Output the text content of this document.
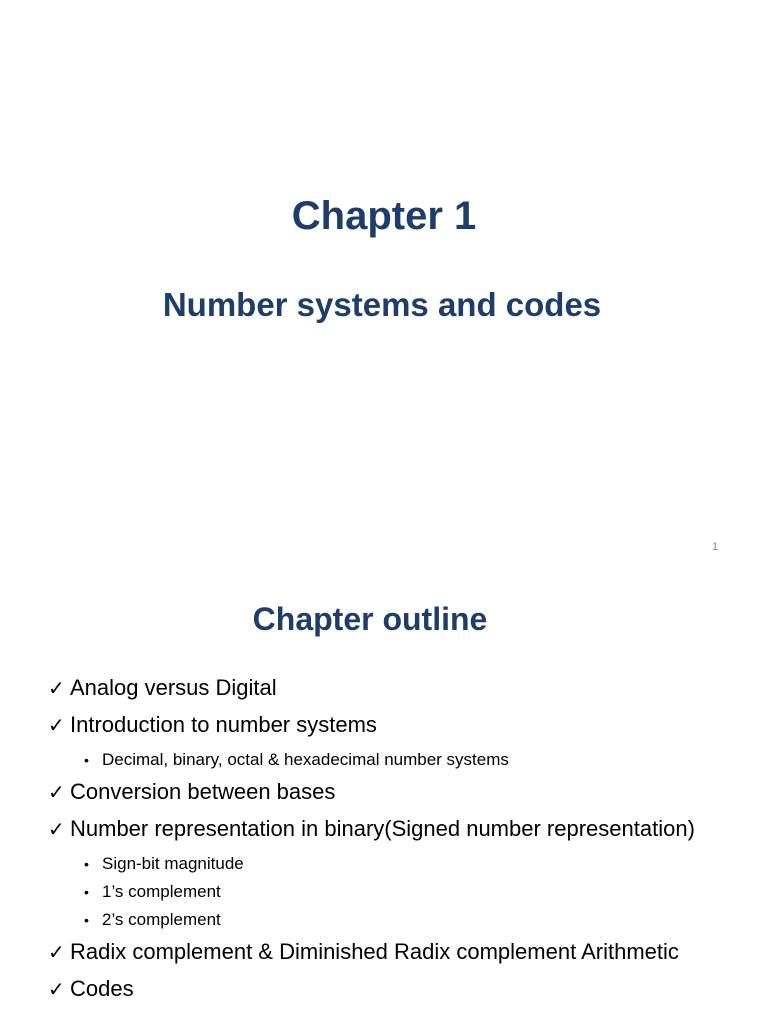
Chapter 1
Number systems and codes
1
Chapter outline
✓ Analog versus Digital
✓ Introduction to number systems
• Decimal, binary, octal & hexadecimal number systems
✓ Conversion between bases
✓ Number representation in binary(Signed number representation)
• Sign-bit magnitude
• 1’s complement
• 2’s complement
✓ Radix complement & Diminished Radix complement Arithmetic
✓ Codes
